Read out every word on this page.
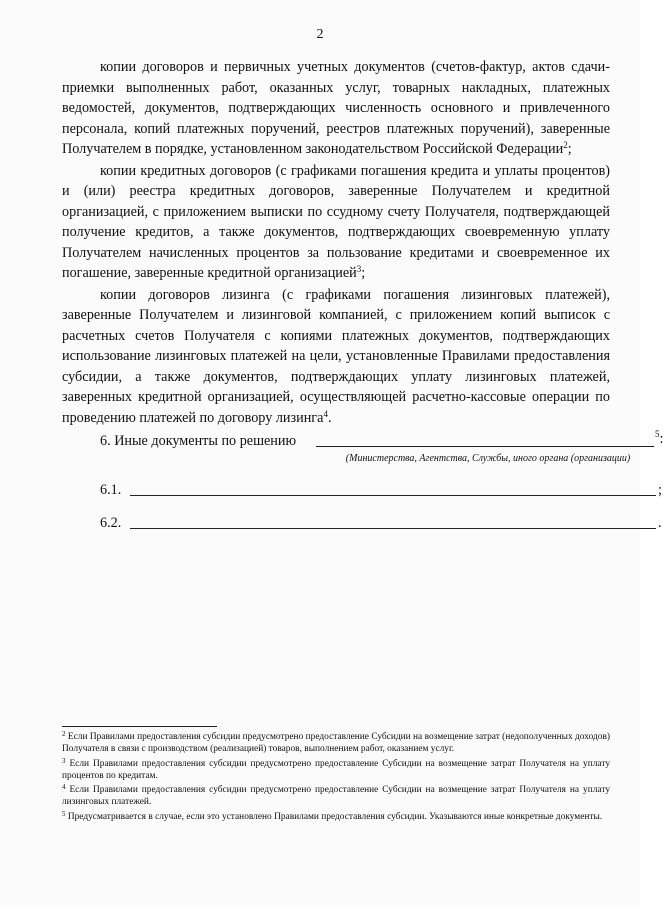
2

копии договоров и первичных учетных документов (счетов-фактур, актов сдачи-приемки выполненных работ, оказанных услуг, товарных накладных, платежных ведомостей, документов, подтверждающих численность основного и привлеченного персонала, копий платежных поручений, реестров платежных поручений), заверенные Получателем в порядке, установленном законодательством Российской Федерации$^2$;

копии кредитных договоров (с графиками погашения кредита и уплаты процентов) и (или) реестра кредитных договоров, заверенные Получателем и кредитной организацией, с приложением выписки по ссудному счету Получателя, подтверждающей получение кредитов, а также документов, подтверждающих своевременную уплату Получателем начисленных процентов за пользование кредитами и своевременное их погашение, заверенные кредитной организацией$^3$;

копии договоров лизинга (с графиками погашения лизинговых платежей), заверенные Получателем и лизинговой компанией, с приложением копий выписок с расчетных счетов Получателя с копиями платежных документов, подтверждающих использование лизинговых платежей на цели, установленные Правилами предоставления субсидии, а также документов, подтверждающих уплату лизинговых платежей, заверенных кредитной организацией, осуществляющей расчетно-кассовые операции по проведению платежей по договору лизинга$^4$.

6. Иные документы по решению	$^5$
(Министерства, Агентства, Службы, иного органа (организации)
6.1.	;
6.2.	.

$^2$ Если Правилами предоставления субсидии предусмотрено предоставление Субсидии на возмещение затрат (недополученных доходов) Получателя в связи с производством (реализацией) товаров, выполнением работ, оказанием услуг.

$^3$ Если Правилами предоставления субсидии предусмотрено предоставление Субсидии на возмещение затрат Получателя на уплату процентов по кредитам.

$^4$ Если Правилами предоставления субсидии предусмотрено предоставление Субсидии на возмещение затрат Получателя на уплату лизинговых платежей.

$^5$ Предусматривается в случае, если это установлено Правилами предоставления субсидии. Указываются иные конкретные документы.
